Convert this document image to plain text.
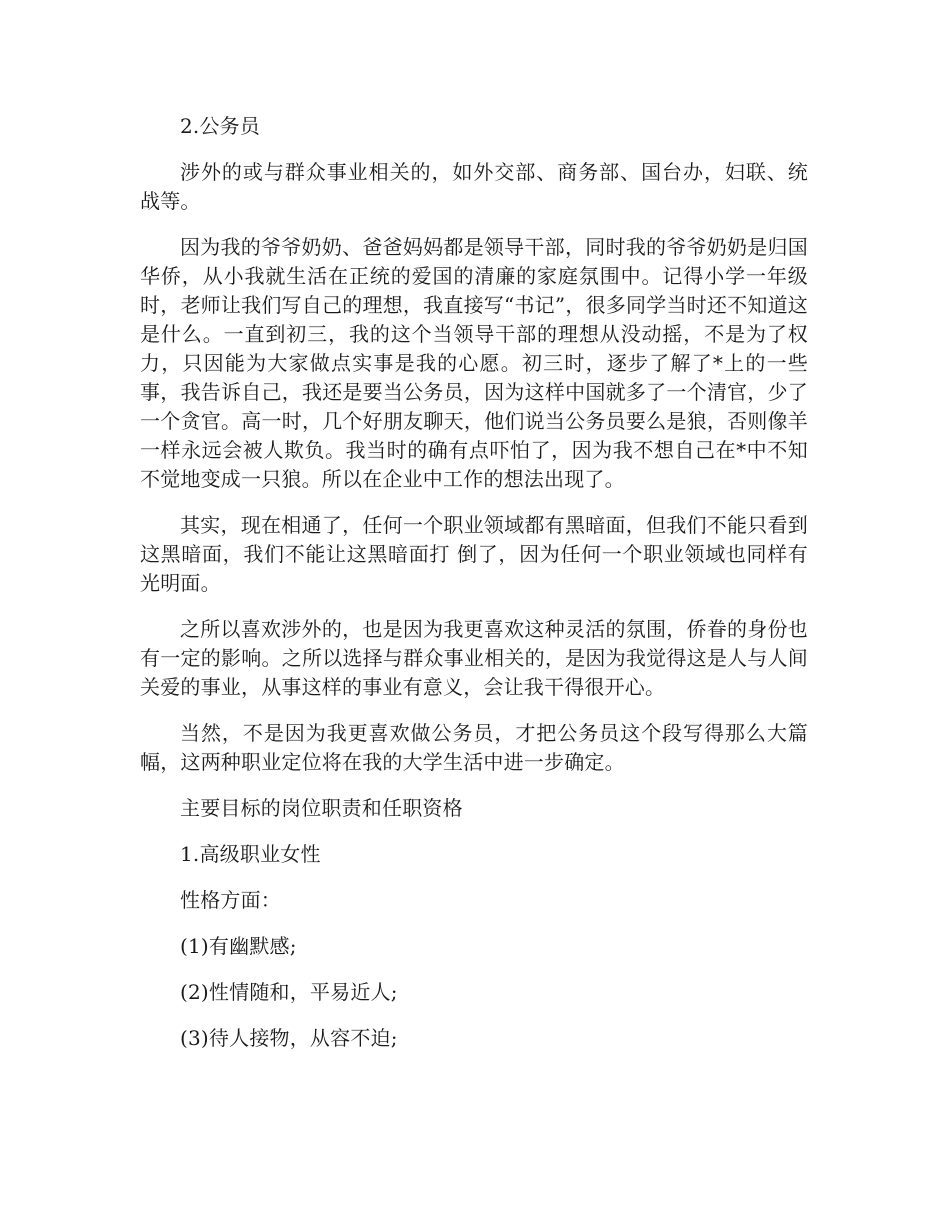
2.公务员

涉外的或与群众事业相关的，如外交部、商务部、国台办，妇联、统 战等。

因为我的爷爷奶奶、爸爸妈妈都是领导干部，同时我的爷爷奶奶是归国华侨，从小我就生活在正统的爱国的清廉的家庭氛围中。记得小学一年级时，老师让我们写自己的理想，我直接写“书记”，很多同学当时还不知道这是什么。一直到初三，我的这个当领导干部的理想从没动摇，不是为了权力，只因能为大家做点实事是我的心愿。初三时，逐步了解了*上的一些事，我告诉自己，我还是要当公务员，因为这样中国就多了一个清官，少了一个贪官。高一时，几个好朋友聊天，他们说当公务员要么是狼，否则像羊一样永远会被人欺负。我当时的确有点吓怕了，因为我不想自己在*中不知不觉地变成一只狼。所以在企业中工作的想法出现了。

其实，现在相通了，任何一个职业领域都有黑暗面，但我们不能只看到这黑暗面，我们不能让这黑暗面打 倒了，因为任何一个职业领域也同样有光明面。

之所以喜欢涉外的，也是因为我更喜欢这种灵活的氛围，侨眷的身份也有一定的影响。之所以选择与群众事业相关的，是因为我觉得这是人与人间关爱的事业，从事这样的事业有意义，会让我干得很开心。

当然，不是因为我更喜欢做公务员，才把公务员这个段写得那么大篇幅，这两种职业定位将在我的大学生活中进一步确定。

主要目标的岗位职责和任职资格

1.高级职业女性

性格方面：

(1)有幽默感;

(2)性情随和，平易近人;

(3)待人接物，从容不迫;
